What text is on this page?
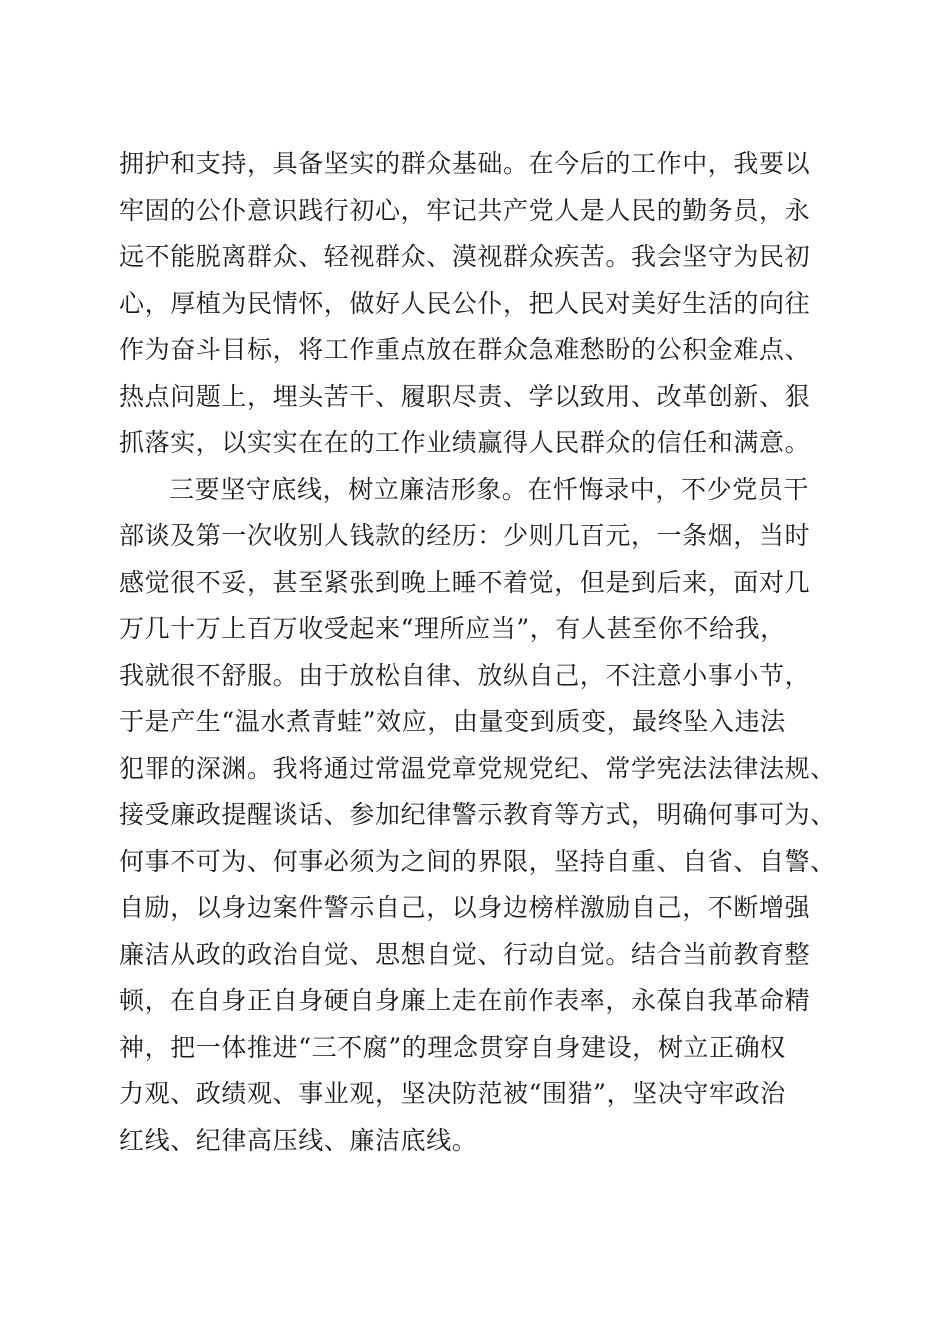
拥护和支持，具备坚实的群众基础。在今后的工作中，我要以
牢固的公仆意识践行初心，牢记共产党人是人民的勤务员，永
远不能脱离群众、轻视群众、漠视群众疾苦。我会坚守为民初
心，厚植为民情怀，做好人民公仆，把人民对美好生活的向往
作为奋斗目标，将工作重点放在群众急难愁盼的公积金难点、
热点问题上，埋头苦干、履职尽责、学以致用、改革创新、狠
抓落实，以实实在在的工作业绩赢得人民群众的信任和满意。
三要坚守底线，树立廉洁形象。在忏悔录中，不少党员干
部谈及第一次收别人钱款的经历：少则几百元，一条烟，当时
感觉很不妥，甚至紧张到晚上睡不着觉，但是到后来，面对几
万几十万上百万收受起来“理所应当”，有人甚至你不给我，
我就很不舒服。由于放松自律、放纵自己，不注意小事小节，
于是产生“温水煮青蛙”效应，由量变到质变，最终坠入违法
犯罪的深渊。我将通过常温党章党规党纪、常学宪法法律法规、
接受廉政提醒谈话、参加纪律警示教育等方式，明确何事可为、
何事不可为、何事必须为之间的界限，坚持自重、自省、自警、
自励，以身边案件警示自己，以身边榜样激励自己，不断增强
廉洁从政的政治自觉、思想自觉、行动自觉。结合当前教育整
顿，在自身正自身硬自身廉上走在前作表率，永葆自我革命精
神，把一体推进“三不腐”的理念贯穿自身建设，树立正确权
力观、政绩观、事业观，坚决防范被“围猎”，坚决守牢政治
红线、纪律高压线、廉洁底线。
